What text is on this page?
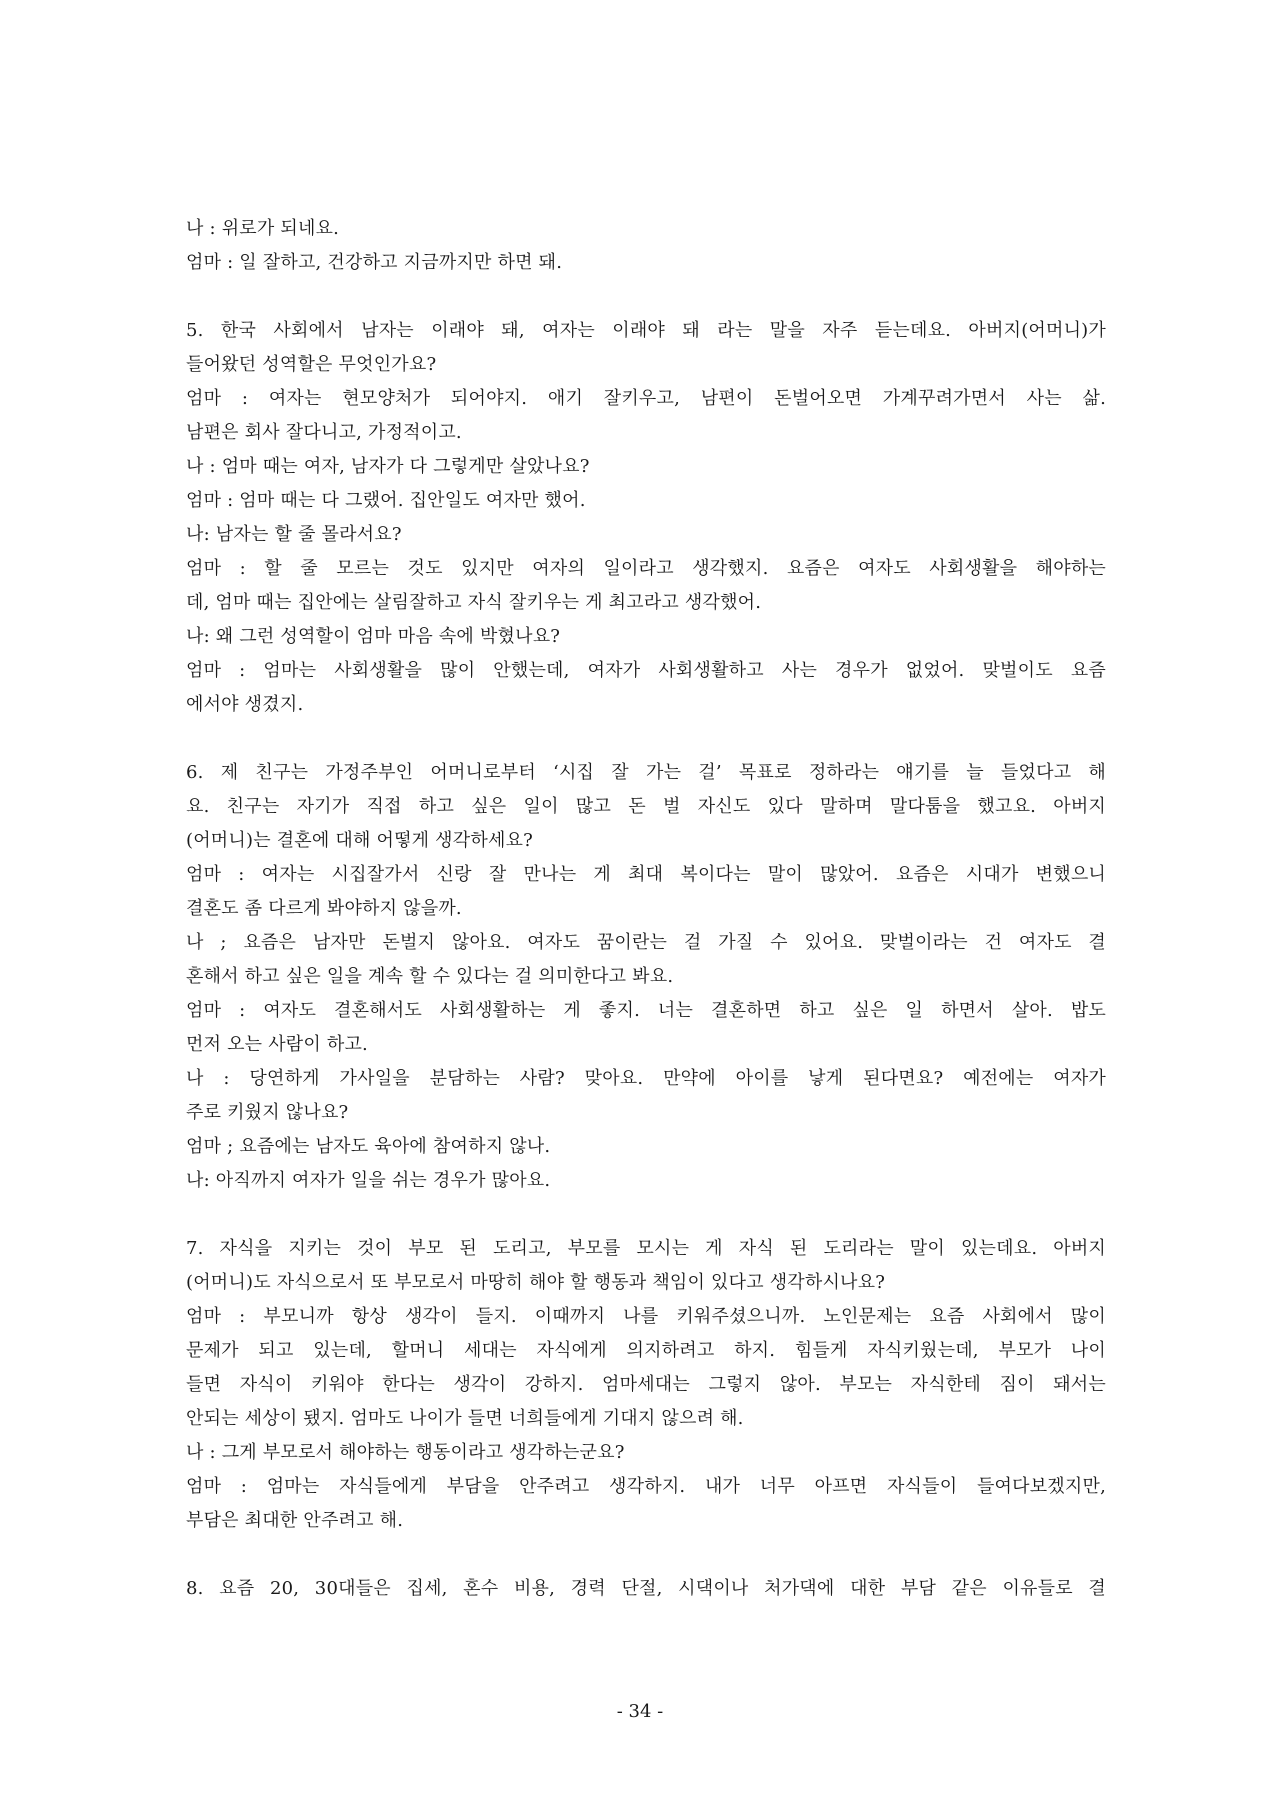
나 : 위로가 되네요.
엄마 : 일 잘하고, 건강하고 지금까지만 하면 돼.
5. 한국 사회에서 남자는 이래야 돼, 여자는 이래야 돼 라는 말을 자주 듣는데요. 아버지(어머니)가
들어왔던 성역할은 무엇인가요?
엄마 : 여자는 현모양처가 되어야지. 애기 잘키우고, 남편이 돈벌어오면 가계꾸려가면서 사는 삶.
남편은 회사 잘다니고, 가정적이고.
나 : 엄마 때는 여자, 남자가 다 그렇게만 살았나요?
엄마 : 엄마 때는 다 그랬어. 집안일도 여자만 했어.
나: 남자는 할 줄 몰라서요?
엄마 : 할 줄 모르는 것도 있지만 여자의 일이라고 생각했지. 요즘은 여자도 사회생활을 해야하는
데, 엄마 때는 집안에는 살림잘하고 자식 잘키우는 게 최고라고 생각했어.
나: 왜 그런 성역할이 엄마 마음 속에 박혔나요?
엄마 : 엄마는 사회생활을 많이 안했는데, 여자가 사회생활하고 사는 경우가 없었어. 맞벌이도 요즘
에서야 생겼지.
6. 제 친구는 가정주부인 어머니로부터 ‘시집 잘 가는 걸’ 목표로 정하라는 얘기를 늘 들었다고 해
요. 친구는 자기가 직접 하고 싶은 일이 많고 돈 벌 자신도 있다 말하며 말다툼을 했고요. 아버지
(어머니)는 결혼에 대해 어떻게 생각하세요?
엄마 : 여자는 시집잘가서 신랑 잘 만나는 게 최대 복이다는 말이 많았어. 요즘은 시대가 변했으니
결혼도 좀 다르게 봐야하지 않을까.
나 ; 요즘은 남자만 돈벌지 않아요. 여자도 꿈이란는 걸 가질 수 있어요. 맞벌이라는 건 여자도 결
혼해서 하고 싶은 일을 계속 할 수 있다는 걸 의미한다고 봐요.
엄마 : 여자도 결혼해서도 사회생활하는 게 좋지. 너는 결혼하면 하고 싶은 일 하면서 살아. 밥도
먼저 오는 사람이 하고.
나 : 당연하게 가사일을 분담하는 사람? 맞아요. 만약에 아이를 낳게 된다면요? 예전에는 여자가
주로 키웠지 않나요?
엄마 ; 요즘에는 남자도 육아에 참여하지 않나.
나: 아직까지 여자가 일을 쉬는 경우가 많아요.
7. 자식을 지키는 것이 부모 된 도리고, 부모를 모시는 게 자식 된 도리라는 말이 있는데요. 아버지
(어머니)도 자식으로서 또 부모로서 마땅히 해야 할 행동과 책임이 있다고 생각하시나요?
엄마 : 부모니까 항상 생각이 들지. 이때까지 나를 키워주셨으니까. 노인문제는 요즘 사회에서 많이
문제가 되고 있는데, 할머니 세대는 자식에게 의지하려고 하지. 힘들게 자식키웠는데, 부모가 나이
들면 자식이 키워야 한다는 생각이 강하지. 엄마세대는 그렇지 않아. 부모는 자식한테 짐이 돼서는
안되는 세상이 됐지. 엄마도 나이가 들면 너희들에게 기대지 않으려 해.
나 : 그게 부모로서 해야하는 행동이라고 생각하는군요?
엄마 : 엄마는 자식들에게 부담을 안주려고 생각하지. 내가 너무 아프면 자식들이 들여다보겠지만,
부담은 최대한 안주려고 해.
8. 요즘 20, 30대들은 집세, 혼수 비용, 경력 단절, 시댁이나 처가댁에 대한 부담 같은 이유들로 결
- 34 -
